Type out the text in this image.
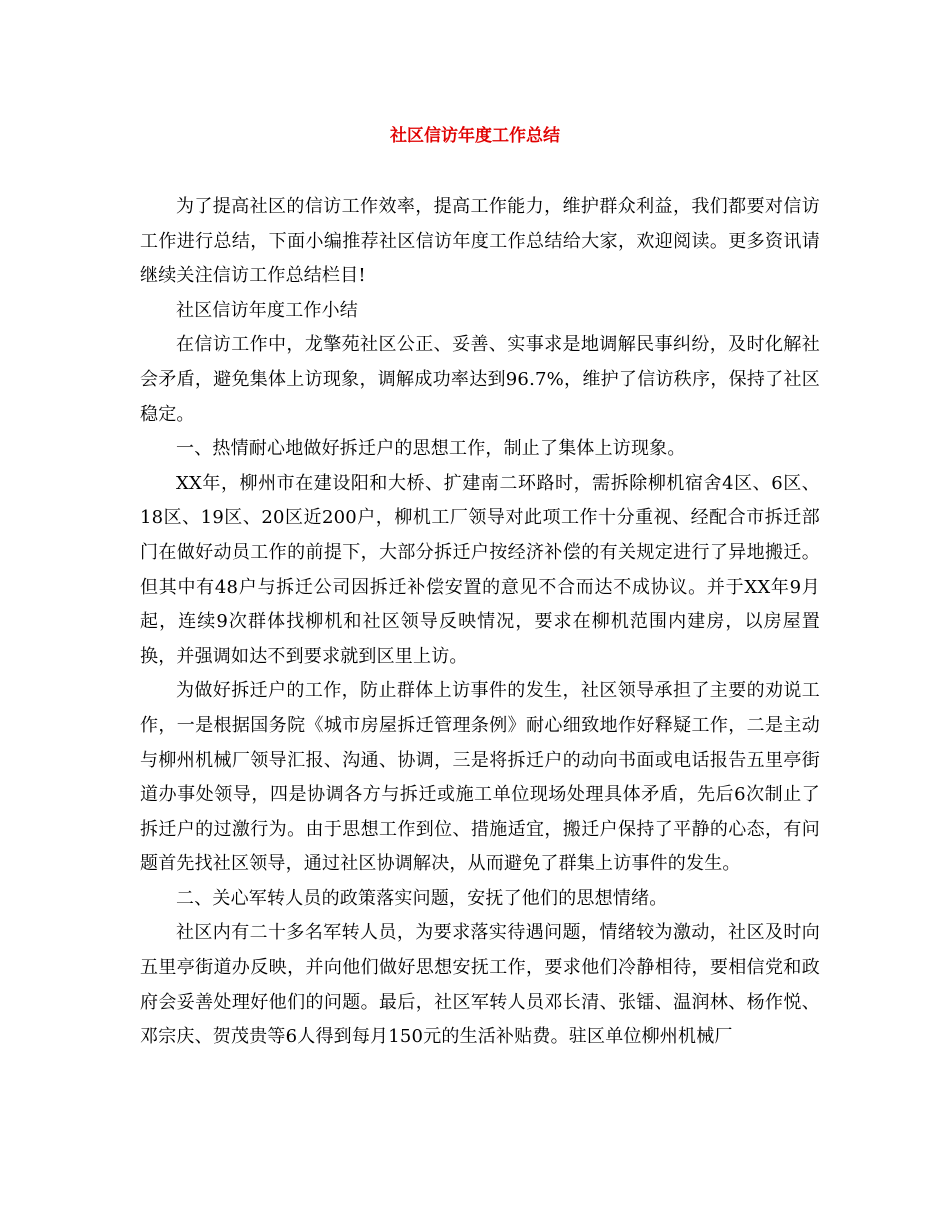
社区信访年度工作总结

为了提高社区的信访工作效率，提高工作能力，维护群众利益，我们都要对信访工作进行总结，下面小编推荐社区信访年度工作总结给大家，欢迎阅读。更多资讯请继续关注信访工作总结栏目!

社区信访年度工作小结

在信访工作中，龙擎苑社区公正、妥善、实事求是地调解民事纠纷，及时化解社会矛盾，避免集体上访现象，调解成功率达到96.7%，维护了信访秩序，保持了社区稳定。

一、热情耐心地做好拆迁户的思想工作，制止了集体上访现象。

XX年，柳州市在建设阳和大桥、扩建南二环路时，需拆除柳机宿舍4区、6区、18区、19区、20区近200户，柳机工厂领导对此项工作十分重视、经配合市拆迁部门在做好动员工作的前提下，大部分拆迁户按经济补偿的有关规定进行了异地搬迁。但其中有48户与拆迁公司因拆迁补偿安置的意见不合而达不成协议。并于XX年9月起，连续9次群体找柳机和社区领导反映情况，要求在柳机范围内建房，以房屋置换，并强调如达不到要求就到区里上访。

为做好拆迁户的工作，防止群体上访事件的发生，社区领导承担了主要的劝说工作，一是根据国务院《城市房屋拆迁管理条例》耐心细致地作好释疑工作，二是主动与柳州机械厂领导汇报、沟通、协调，三是将拆迁户的动向书面或电话报告五里亭街道办事处领导，四是协调各方与拆迁或施工单位现场处理具体矛盾，先后6次制止了拆迁户的过激行为。由于思想工作到位、措施适宜，搬迁户保持了平静的心态，有问题首先找社区领导，通过社区协调解决，从而避免了群集上访事件的发生。

二、关心军转人员的政策落实问题，安抚了他们的思想情绪。

社区内有二十多名军转人员，为要求落实待遇问题，情绪较为激动，社区及时向五里亭街道办反映，并向他们做好思想安抚工作，要求他们冷静相待，要相信党和政府会妥善处理好他们的问题。最后，社区军转人员邓长清、张镭、温润林、杨作悦、邓宗庆、贺茂贵等6人得到每月150元的生活补贴费。驻区单位柳州机械厂
